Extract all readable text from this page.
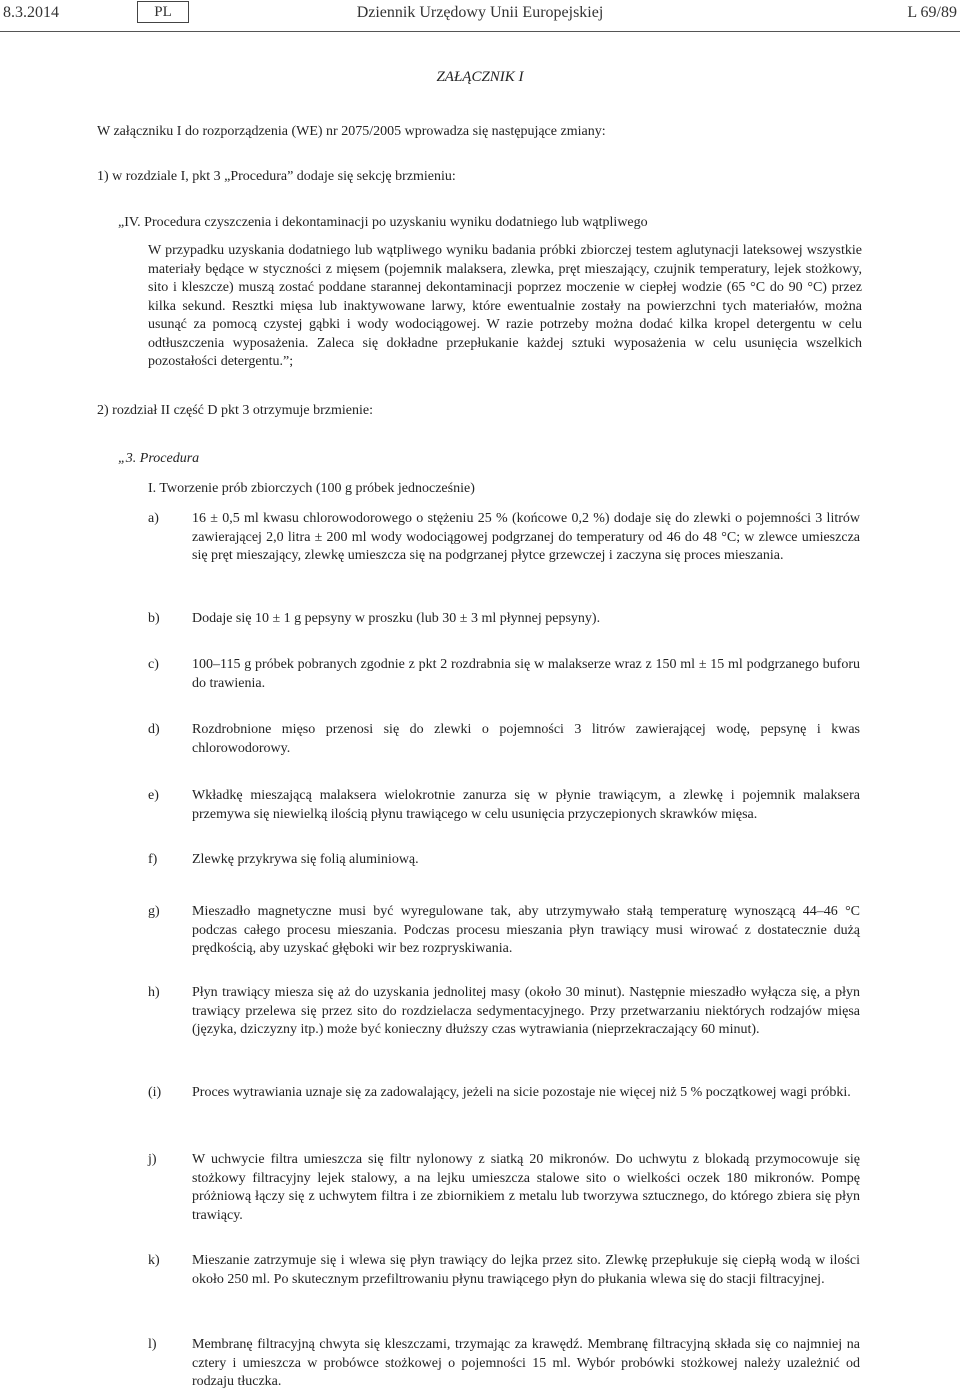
8.3.2014	PL	Dziennik Urzędowy Unii Europejskiej	L 69/89
ZAŁĄCZNIK I
W załączniku I do rozporządzenia (WE) nr 2075/2005 wprowadza się następujące zmiany:
1) w rozdziale I, pkt 3 „Procedura” dodaje się sekcję brzmieniu:
„IV. Procedura czyszczenia i dekontaminacji po uzyskaniu wyniku dodatniego lub wątpliwego
W przypadku uzyskania dodatniego lub wątpliwego wyniku badania próbki zbiorczej testem aglutynacji lateksowej wszystkie materiały będące w styczności z mięsem (pojemnik malaksera, zlewka, pręt mieszający, czujnik temperatury, lejek stożkowy, sito i kleszcze) muszą zostać poddane starannej dekontaminacji poprzez moczenie w ciepłej wodzie (65 °C do 90 °C) przez kilka sekund. Resztki mięsa lub inaktywowane larwy, które ewentualnie zostały na powierzchni tych materiałów, można usunąć za pomocą czystej gąbki i wody wodociągowej. W razie potrzeby można dodać kilka kropel detergentu w celu odtłuszczenia wyposażenia. Zaleca się dokładne przepłukanie każdej sztuki wyposażenia w celu usunięcia wszelkich pozostałości detergentu.”;
2) rozdział II część D pkt 3 otrzymuje brzmienie:
„3. Procedura
I. Tworzenie prób zbiorczych (100 g próbek jednocześnie)
a)	16 ± 0,5 ml kwasu chlorowodorowego o stężeniu 25 % (końcowe 0,2 %) dodaje się do zlewki o pojemności 3 litrów zawierającej 2,0 litra ± 200 ml wody wodociągowej podgrzanej do temperatury od 46 do 48 °C; w zlewce umieszcza się pręt mieszający, zlewkę umieszcza się na podgrzanej płytce grzewczej i zaczyna się proces mieszania.
b)	Dodaje się 10 ± 1 g pepsyny w proszku (lub 30 ± 3 ml płynnej pepsyny).
c)	100–115 g próbek pobranych zgodnie z pkt 2 rozdrabnia się w malakserze wraz z 150 ml ± 15 ml podgrzanego buforu do trawienia.
d)	Rozdrobnione mięso przenosi się do zlewki o pojemności 3 litrów zawierającej wodę, pepsynę i kwas chlorowodorowy.
e)	Wkładkę mieszającą malaksera wielokrotnie zanurza się w płynie trawiącym, a zlewkę i pojemnik malaksera przemywa się niewielką ilością płynu trawiącego w celu usunięcia przyczepionych skrawków mięsa.
f)	Zlewkę przykrywa się folią aluminiową.
g)	Mieszadło magnetyczne musi być wyregulowane tak, aby utrzymywało stałą temperaturę wynoszącą 44–46 °C podczas całego procesu mieszania. Podczas procesu mieszania płyn trawiący musi wirować z dostatecznie dużą prędkością, aby uzyskać głęboki wir bez rozpryskiwania.
h)	Płyn trawiący miesza się aż do uzyskania jednolitej masy (około 30 minut). Następnie mieszadło wyłącza się, a płyn trawiący przelewa się przez sito do rozdzielacza sedymentacyjnego. Przy przetwarzaniu niektórych rodzajów mięsa (języka, dziczyzny itp.) może być konieczny dłuższy czas wytrawiania (nieprzekraczający 60 minut).
(i)	Proces wytrawiania uznaje się za zadowalający, jeżeli na sicie pozostaje nie więcej niż 5 % początkowej wagi próbki.
j)	W uchwycie filtra umieszcza się filtr nylonowy z siatką 20 mikronów. Do uchwytu z blokadą przymocowuje się stożkowy filtracyjny lejek stalowy, a na lejku umieszcza stalowe sito o wielkości oczek 180 mikronów. Pompę próżniową łączy się z uchwytem filtra i ze zbiornikiem z metalu lub tworzywa sztucznego, do którego zbiera się płyn trawiący.
k)	Mieszanie zatrzymuje się i wlewa się płyn trawiący do lejka przez sito. Zlewkę przepłukuje się ciepłą wodą w ilości około 250 ml. Po skutecznym przefiltrowaniu płynu trawiącego płyn do płukania wlewa się do stacji filtracyjnej.
l)	Membranę filtracyjną chwyta się kleszczami, trzymając za krawędź. Membranę filtracyjną składa się co najmniej na cztery i umieszcza w probówce stożkowej o pojemności 15 ml. Wybór probówki stożkowej należy uzależnić od rodzaju tłuczka.
